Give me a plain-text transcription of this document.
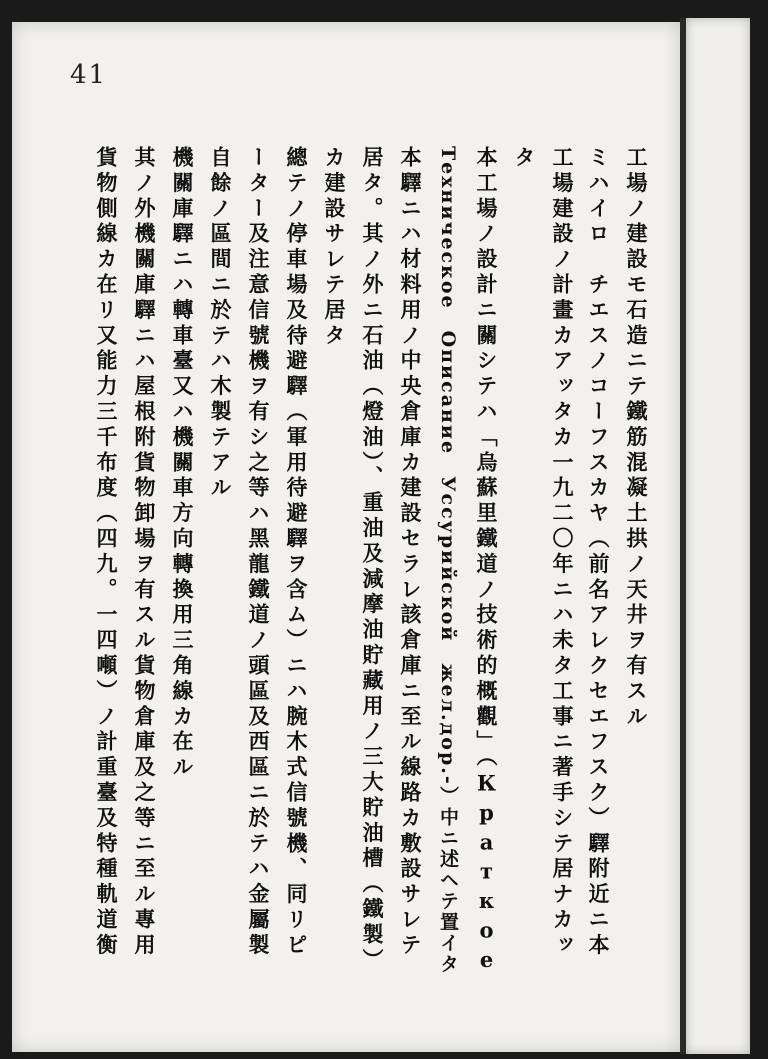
41
工場ノ建設モ石造ニテ鐵筋混凝土拱ノ天井ヲ有スル
ミハイロ　チエスノコーフスカヤ（前名アレクセエフスク）驛附近ニ本
工場建設ノ計畫カアッタカ一九二〇年ニハ未タ工事ニ著手シテ居ナカッ
タ
本工場ノ設計ニ關シテハ「烏蘇里鐵道ノ技術的概觀」（Краткое
Техническое　Описание　Уссурийской　жел.дор.-）中ニ述ヘテ置イタ
本驛ニハ材料用ノ中央倉庫カ建設セラレ該倉庫ニ至ル線路カ敷設サレテ
居タ。其ノ外ニ石油（燈油）、重油及減摩油貯藏用ノ三大貯油槽（鐵製）
カ建設サレテ居タ
總テノ停車場及待避驛（軍用待避驛ヲ含ム）ニハ腕木式信號機、同リピ
ーター及注意信號機ヲ有シ之等ハ黑龍鐵道ノ頭區及西區ニ於テハ金屬製
自餘ノ區間ニ於テハ木製テアル
機關庫驛ニハ轉車臺又ハ機關車方向轉換用三角線カ在ル
其ノ外機關庫驛ニハ屋根附貨物卸場ヲ有スル貨物倉庫及之等ニ至ル專用
貨物側線カ在リ又能力三千布度（四九。一四噸）ノ計重臺及特種軌道衡
